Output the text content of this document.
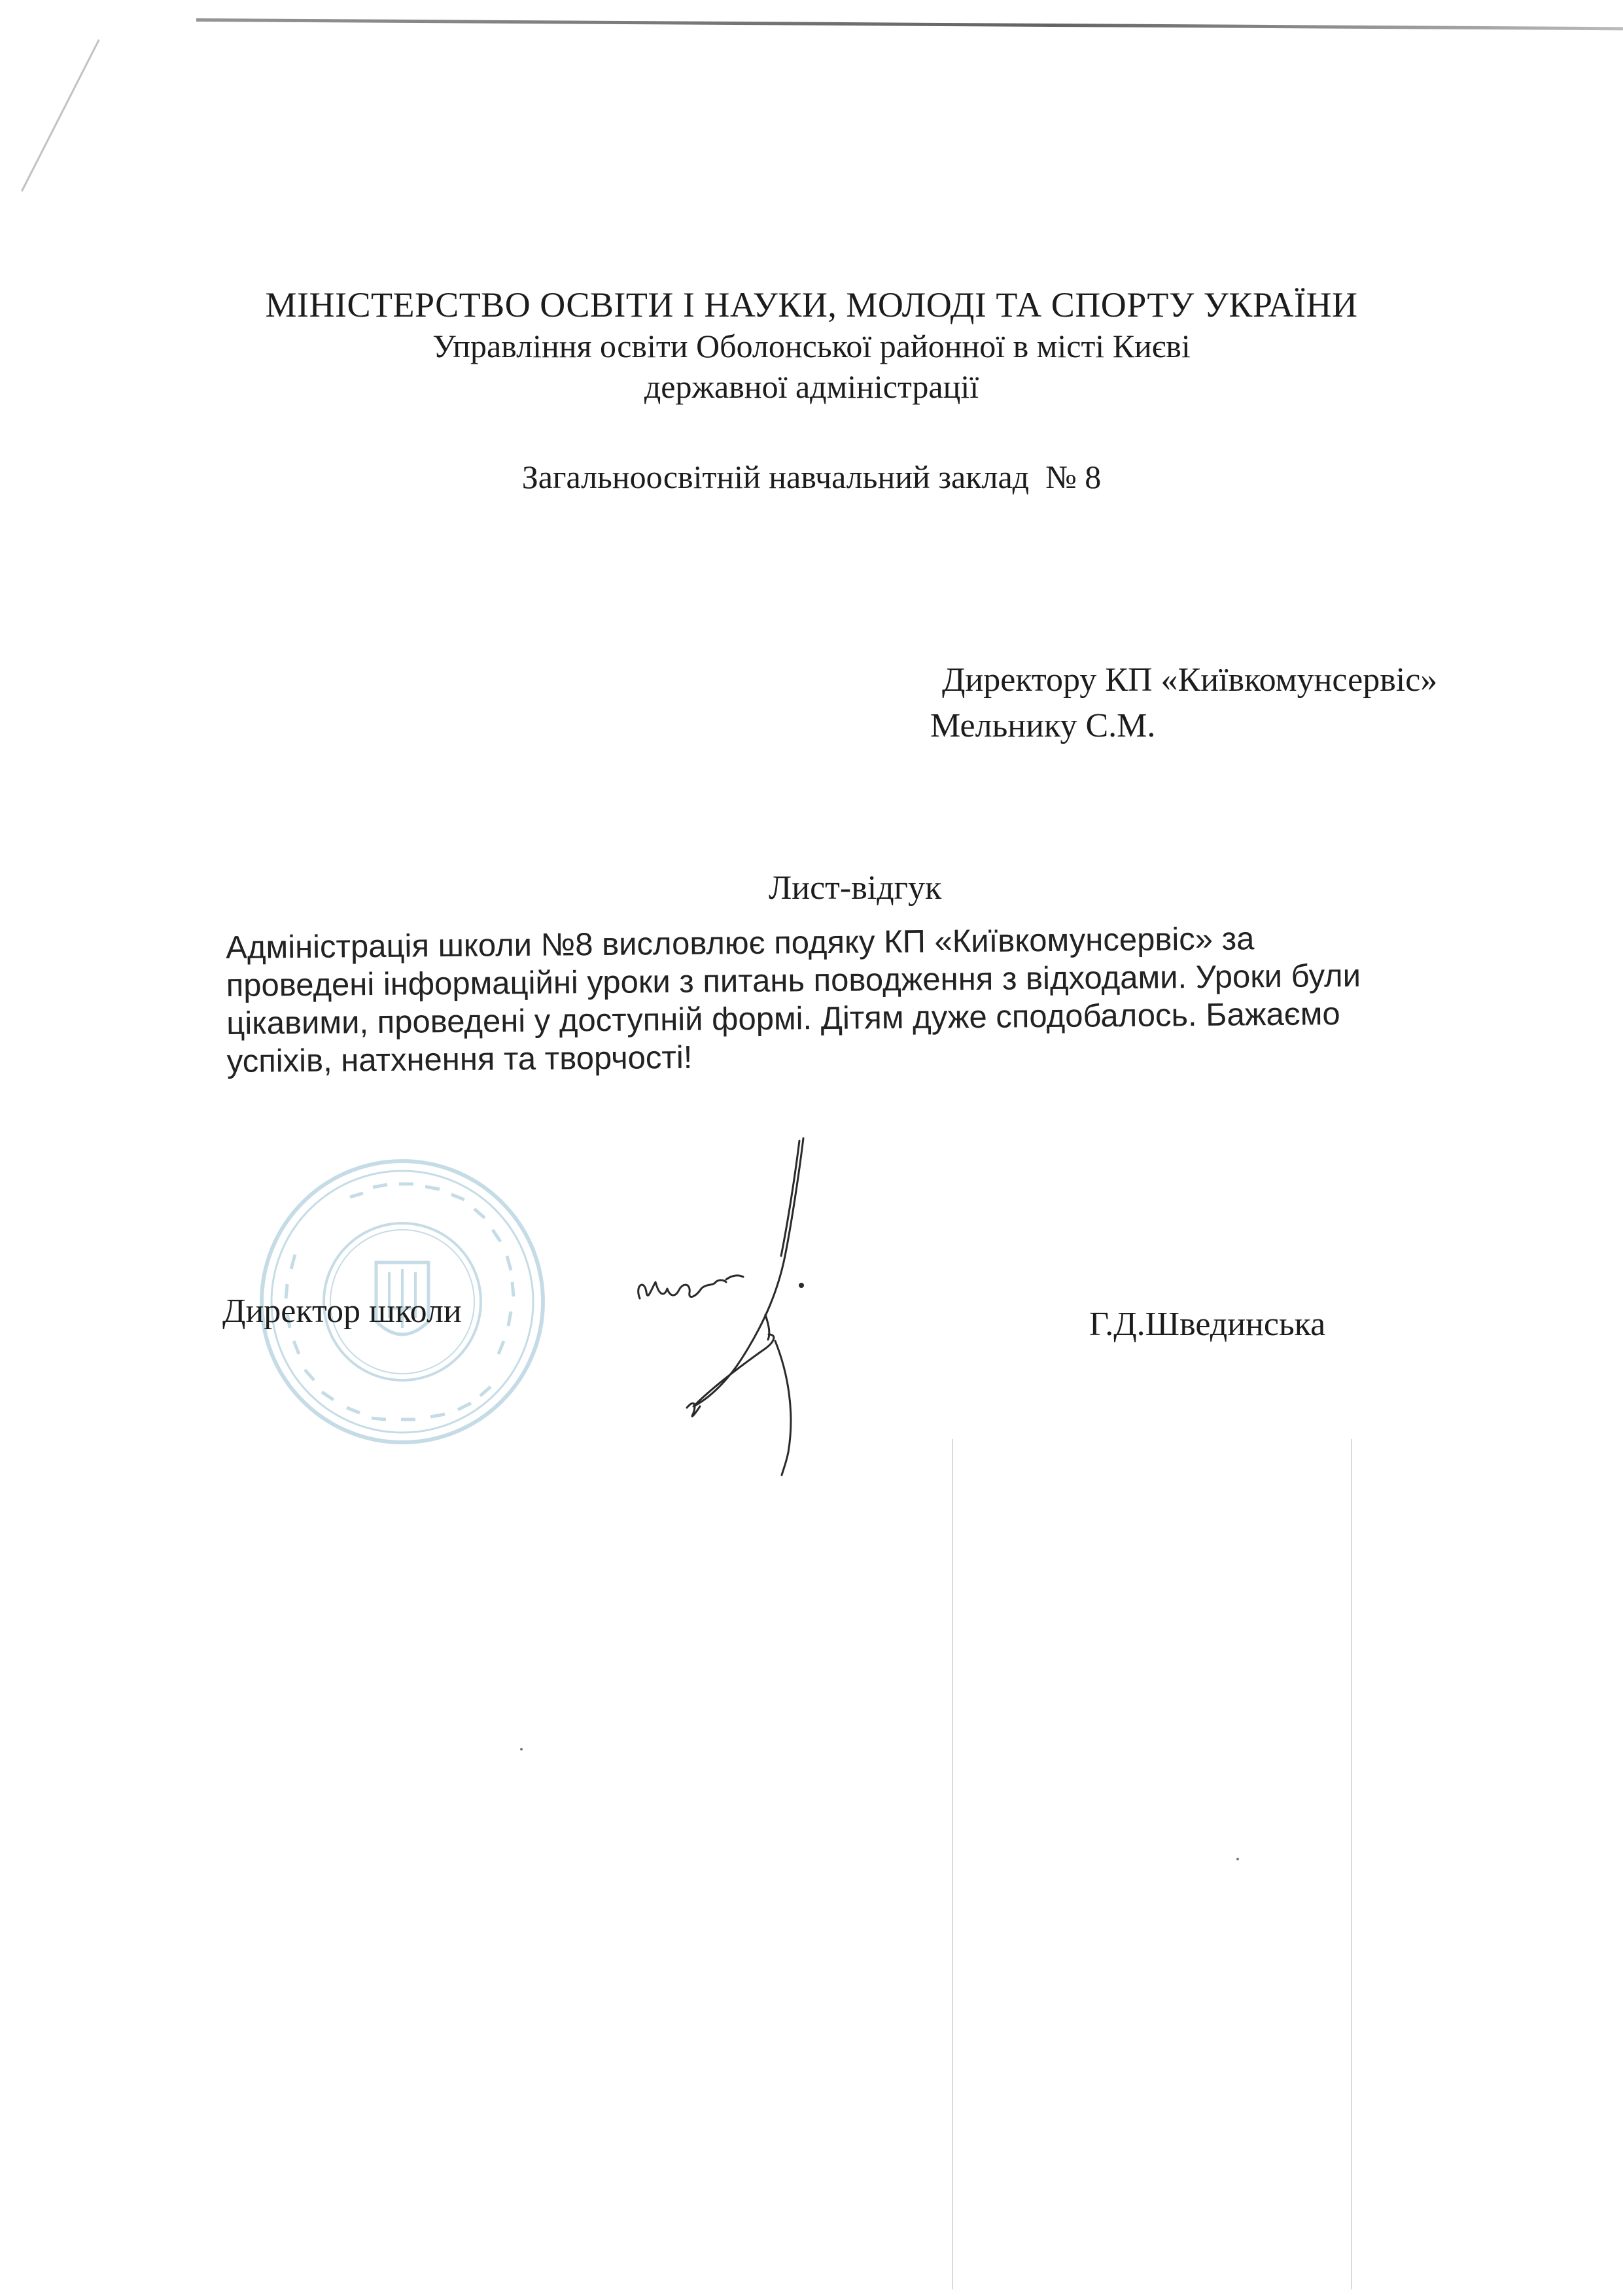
МІНІСТЕРСТВО ОСВІТИ І НАУКИ, МОЛОДІ ТА СПОРТУ УКРАЇНИ
Управління освіти Оболонської районної в місті Києві
державної адміністрації
Загальноосвітній навчальний заклад  № 8
Директору КП «Київкомунсервіс»
Мельнику С.М.
Лист-відгук
Адміністрація школи №8 висловлює подяку КП «Київкомунсервіс» за
проведені інформаційні уроки з питань поводження з відходами. Уроки були
цікавими, проведені у доступній формі. Дітям дуже сподобалось. Бажаємо
успіхів, натхнення та творчості!
Директор школи	Г.Д.Швединська
